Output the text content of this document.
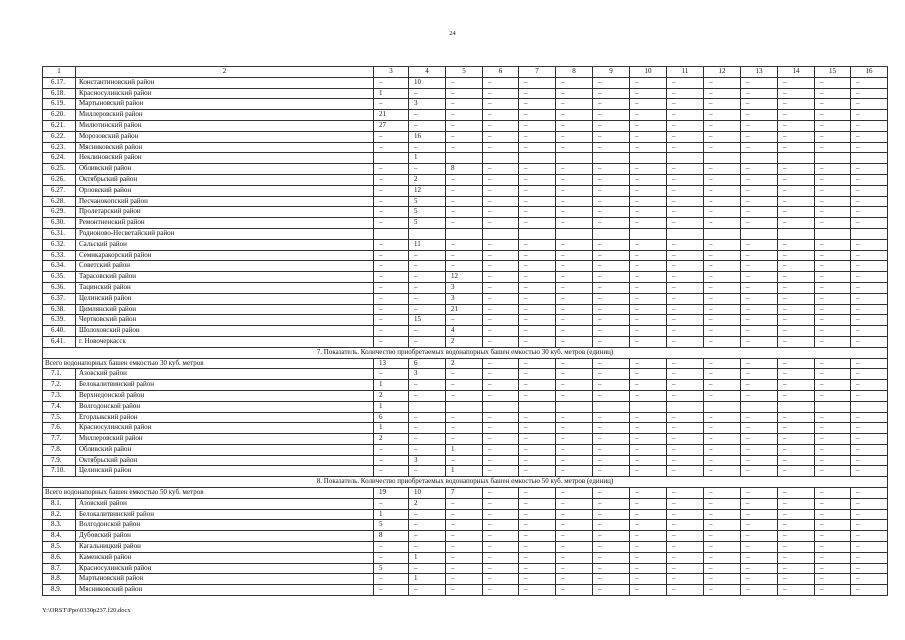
24
1	2	3	4	5	6	7	8	9	10	11	12	13	14	15	16
6.17.	Константиновский район	–	10	–	–	–	–	–	–	–	–	–	–	–	–
6.18.	Красносулинский район	1	–	–	–	–	–	–	–	–	–	–	–	–	–
6.19.	Мартыновский район	–	3	–	–	–	–	–	–	–	–	–	–	–	–
6.20.	Миллеровский район	21	–	–	–	–	–	–	–	–	–	–	–	–	–
6.21.	Милютинский район	27	–	–	–	–	–	–	–	–	–	–	–	–	–
6.22.	Морозовский район	–	16	–	–	–	–	–	–	–	–	–	–	–	–
6.23.	Мясниковский район	–	–	–	–	–	–	–	–	–	–	–	–	–	–
6.24.	Неклиновский район		1												
6.25.	Обливский район	–	–	8	–	–	–	–	–	–	–	–	–	–	–
6.26.	Октябрьский район	–	2	–	–	–	–	–	–	–	–	–	–	–	–
6.27.	Орловский район	–	12	–	–	–	–	–	–	–	–	–	–	–	–
6.28.	Песчанокопский район	–	5	–	–	–	–	–	–	–	–	–	–	–	–
6.29.	Пролетарский район	–	5	–	–	–	–	–	–	–	–	–	–	–	–
6.30.	Ремонтненский район	–	5	–	–	–	–	–	–	–	–	–	–	–	–
6.31.	Родионово-Несветайский район														
6.32.	Сальский район	–	11	–	–	–	–	–	–	–	–	–	–	–	–
6.33.	Семикаракорский район	–	–	–	–	–	–	–	–	–	–	–	–	–	–
6.34.	Советский район	–	–	–	–	–	–	–	–	–	–	–	–	–	–
6.35.	Тарасовский район	–	–	12	–	–	–	–	–	–	–	–	–	–	–
6.36.	Тацинский район	–	–	3	–	–	–	–	–	–	–	–	–	–	–
6.37.	Целинский район	–	–	3	–	–	–	–	–	–	–	–	–	–	–
6.38.	Цимлянский район	–	–	21	–	–	–	–	–	–	–	–	–	–	–
6.39.	Чертковский район	–	15	–	–	–	–	–	–	–	–	–	–	–	–
6.40.	Шолоховский район	–	–	4	–	–	–	–	–	–	–	–	–	–	–
6.41.	г. Новочеркасск	–	–	2	–	–	–	–	–	–	–	–	–	–	–
7. Показатель. Количество приобретаемых водонапорных башен емкостью 30 куб. метров (единиц)															
Всего водонапорных башен емкостью 30 куб. метров		13	6	2	–	–	–	–	–	–	–	–	–	–	–
7.1.	Азовский район	–	3	–	–	–	–	–	–	–	–	–	–	–	–
7.2.	Белокалитвинский район	1	–	–	–	–	–	–	–	–	–	–	–	–	–
7.3.	Верхнедонской район	2	–	–	–	–	–	–	–	–	–	–	–	–	–
7.4.	Волгодонской район	1													
7.5.	Егорлыкский район	6	–	–	–	–	–	–	–	–	–	–	–	–	–
7.6.	Красносулинский район	1	–	–	–	–	–	–	–	–	–	–	–	–	–
7.7.	Миллеровский район	2	–	–	–	–	–	–	–	–	–	–	–	–	–
7.8.	Обливский район	–	–	1	–	–	–	–	–	–	–	–	–	–	–
7.9.	Октябрьский район	–	3	–	–	–	–	–	–	–	–	–	–	–	–
7.10.	Целинский район	–	–	1	–	–	–	–	–	–	–	–	–	–	–
8. Показатель. Количество приобретаемых водонапорных башен емкостью 50 куб. метров (единиц)															
Всего водонапорных башен емкостью 50 куб. метров		19	10	7	–	–	–	–	–	–	–	–	–	–	–
8.1.	Азовский район	–	2	–	–	–	–	–	–	–	–	–	–	–	–
8.2.	Белокалитвинский район	1	–	–	–	–	–	–	–	–	–	–	–	–	–
8.3.	Волгодонской район	5	–	–	–	–	–	–	–	–	–	–	–	–	–
8.4.	Дубовский район	8	–	–	–	–	–	–	–	–	–	–	–	–	–
8.5.	Кагальницкий район	–	–	–	–	–	–	–	–	–	–	–	–	–	–
8.6.	Каменский район	–	1	–	–	–	–	–	–	–	–	–	–	–	–
8.7.	Красносулинский район	5	–	–	–	–	–	–	–	–	–	–	–	–	–
8.8.	Мартыновский район	–	1	–	–	–	–	–	–	–	–	–	–	–	–
8.9.	Мясниковский район	–	–	–	–	–	–	–	–	–	–	–	–	–	–
Y:\ORST\Ppo\0330p237.f20.docx
